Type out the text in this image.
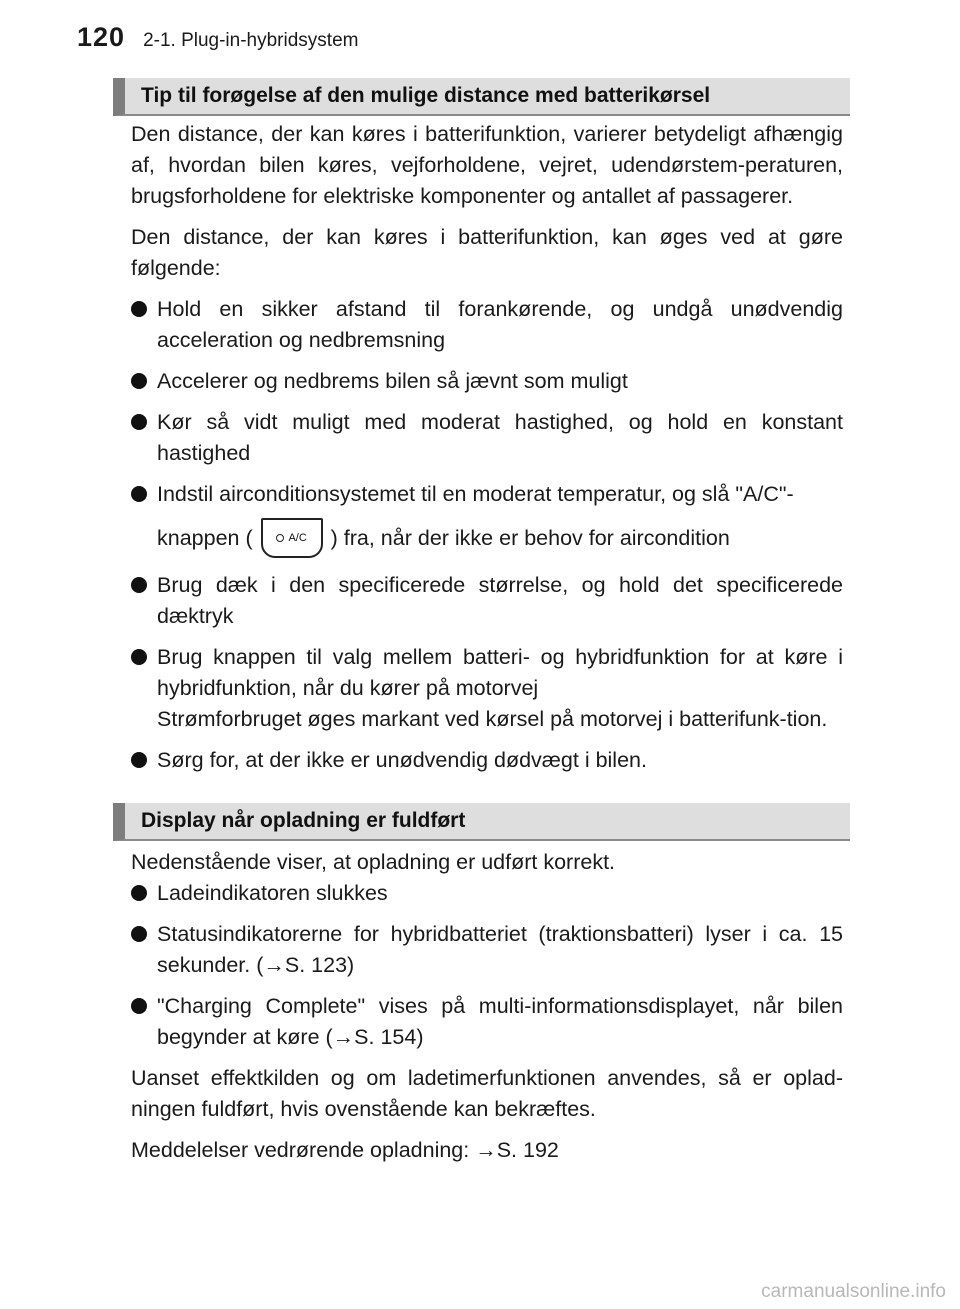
120 2-1. Plug-in-hybridsystem
Tip til forøgelse af den mulige distance med batterikørsel

Den distance, der kan køres i batterifunktion, varierer betydeligt afhængig af, hvordan bilen køres, vejforholdene, vejret, udendørstem-peraturen, brugsforholdene for elektriske komponenter og antallet af passagerer.

Den distance, der kan køres i batterifunktion, kan øges ved at gøre følgende:

Hold en sikker afstand til forankørende, og undgå unødvendig acceleration og nedbremsning
Accelerer og nedbrems bilen så jævnt som muligt
Kør så vidt muligt med moderat hastighed, og hold en konstant hastighed
Indstil airconditionsystemet til en moderat temperatur, og slå "A/C"-
knappen (	A/C ) fra, når der ikke er behov for aircondition
Brug dæk i den specificerede størrelse, og hold det specificerede dæktryk
Brug knappen til valg mellem batteri- og hybridfunktion for at køre i hybridfunktion, når du kører på motorvej
Strømforbruget øges markant ved kørsel på motorvej i batterifunk-tion.
Sørg for, at der ikke er unødvendig dødvægt i bilen.
Display når opladning er fuldført

Nedenstående viser, at opladning er udført korrekt.

Ladeindikatoren slukkes
Statusindikatorerne for hybridbatteriet (traktionsbatteri) lyser i ca. 15 sekunder. (→S. 123)
"Charging Complete" vises på multi-informationsdisplayet, når bilen begynder at køre (→S. 154)

Uanset effektkilden og om ladetimerfunktionen anvendes, så er oplad-ningen fuldført, hvis ovenstående kan bekræftes.

Meddelelser vedrørende opladning: →S. 192

carmanualsonline.info
